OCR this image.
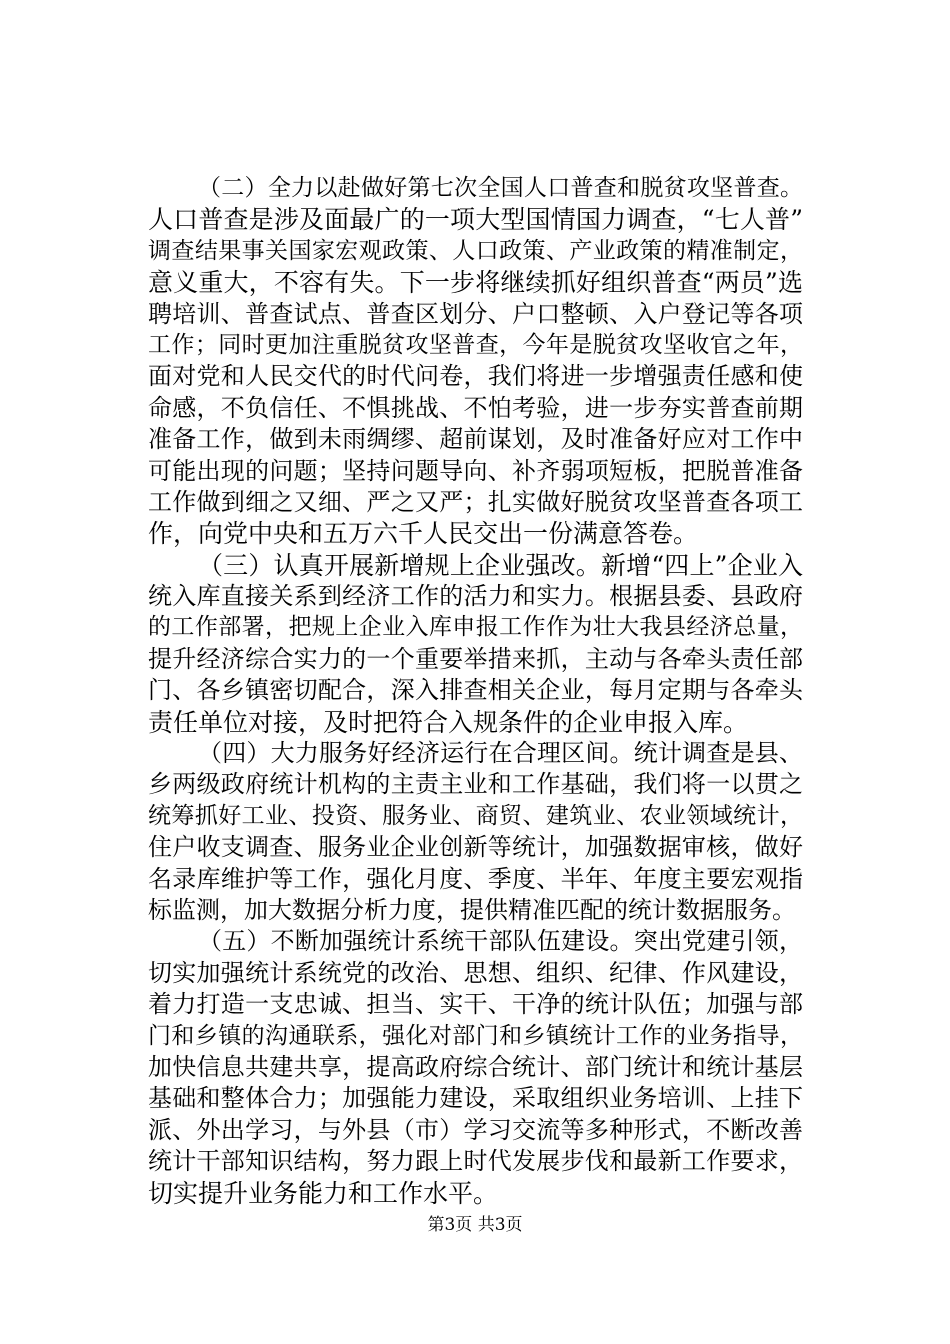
（二）全力以赴做好第七次全国人口普查和脱贫攻坚普查。
人口普查是涉及面最广的一项大型国情国力调查，“七人普”
调查结果事关国家宏观政策、人口政策、产业政策的精准制定，
意义重大，不容有失。下一步将继续抓好组织普查“两员”选
聘培训、普查试点、普查区划分、户口整顿、入户登记等各项
工作；同时更加注重脱贫攻坚普查，今年是脱贫攻坚收官之年，
面对党和人民交代的时代问卷，我们将进一步增强责任感和使
命感，不负信任、不惧挑战、不怕考验，进一步夯实普查前期
准备工作，做到未雨绸缪、超前谋划，及时准备好应对工作中
可能出现的问题；坚持问题导向、补齐弱项短板，把脱普准备
工作做到细之又细、严之又严；扎实做好脱贫攻坚普查各项工
作，向党中央和五万六千人民交出一份满意答卷。
（三）认真开展新增规上企业强改。新增“四上”企业入
统入库直接关系到经济工作的活力和实力。根据县委、县政府
的工作部署，把规上企业入库申报工作作为壮大我县经济总量，
提升经济综合实力的一个重要举措来抓，主动与各牵头责任部
门、各乡镇密切配合，深入排查相关企业，每月定期与各牵头
责任单位对接，及时把符合入规条件的企业申报入库。
（四）大力服务好经济运行在合理区间。统计调查是县、
乡两级政府统计机构的主责主业和工作基础，我们将一以贯之
统筹抓好工业、投资、服务业、商贸、建筑业、农业领域统计，
住户收支调查、服务业企业创新等统计，加强数据审核，做好
名录库维护等工作，强化月度、季度、半年、年度主要宏观指
标监测，加大数据分析力度，提供精准匹配的统计数据服务。
（五）不断加强统计系统干部队伍建设。突出党建引领，
切实加强统计系统党的改治、思想、组织、纪律、作风建设，
着力打造一支忠诚、担当、实干、干净的统计队伍；加强与部
门和乡镇的沟通联系，强化对部门和乡镇统计工作的业务指导，
加快信息共建共享，提高政府综合统计、部门统计和统计基层
基础和整体合力；加强能力建设，采取组织业务培训、上挂下
派、外出学习，与外县（市）学习交流等多种形式，不断改善
统计干部知识结构，努力跟上时代发展步伐和最新工作要求，
切实提升业务能力和工作水平。
第3页 共3页
